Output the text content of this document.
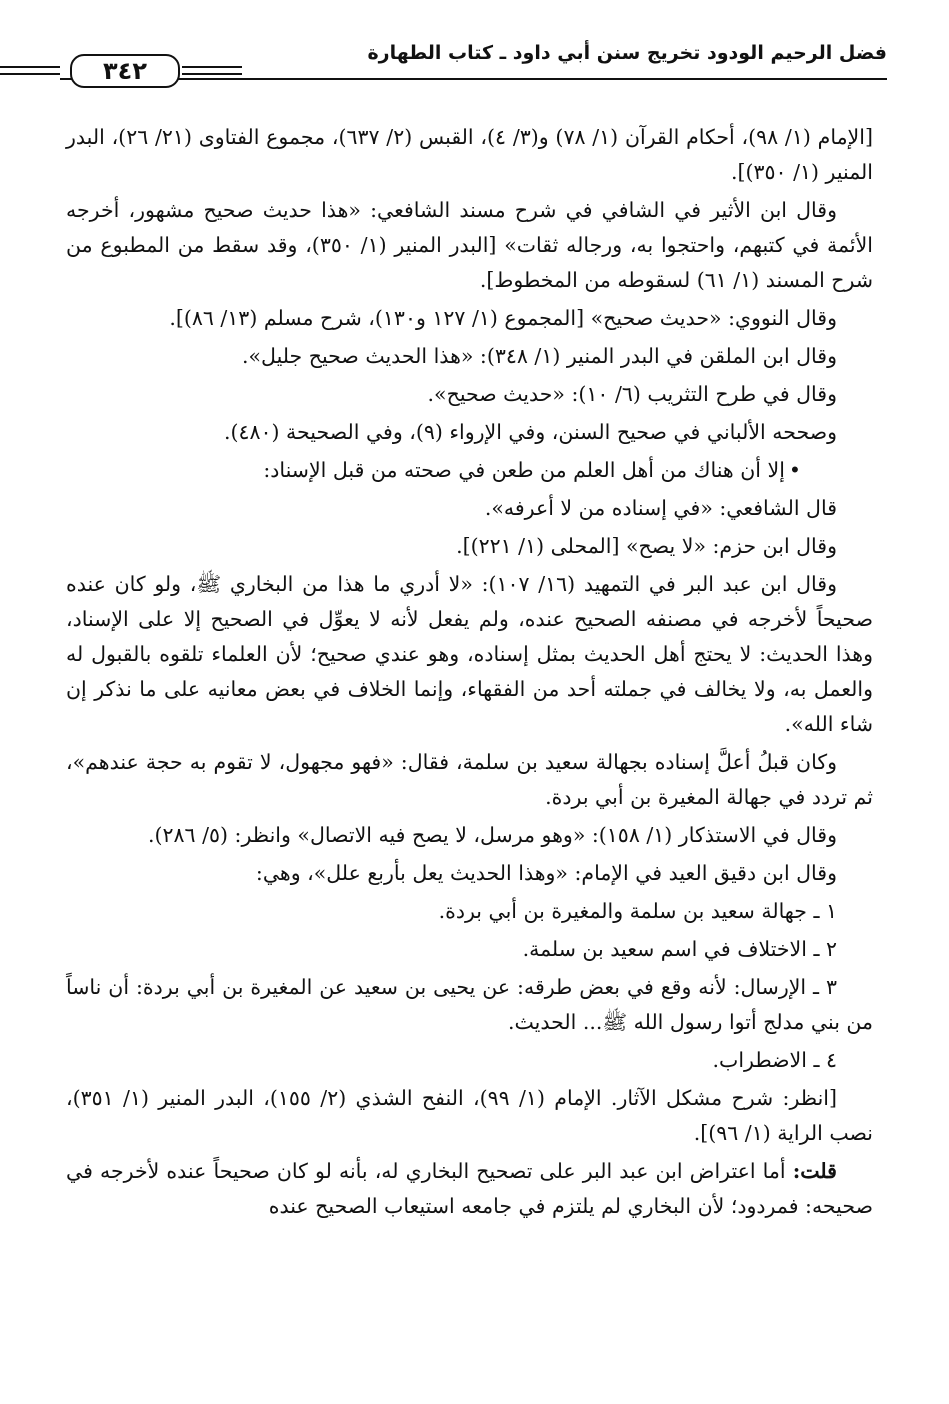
فضل الرحيم الودود تخريج سنن أبي داود ـ كتاب الطهارة
٣٤٢

[الإمام (١/ ٩٨)، أحكام القرآن (١/ ٧٨) و(٣/ ٤)، القبس (٢/ ٦٣٧)، مجموع الفتاوى (٢١/ ٢٦)، البدر المنير (١/ ٣٥٠)].

وقال ابن الأثير في الشافي في شرح مسند الشافعي: «هذا حديث صحيح مشهور، أخرجه الأئمة في كتبهم، واحتجوا به، ورجاله ثقات» [البدر المنير (١/ ٣٥٠)، وقد سقط من المطبوع من شرح المسند (١/ ٦١) لسقوطه من المخطوط].

وقال النووي: «حديث صحيح» [المجموع (١/ ١٢٧ و١٣٠)، شرح مسلم (١٣/ ٨٦)].

وقال ابن الملقن في البدر المنير (١/ ٣٤٨): «هذا الحديث صحيح جليل».

وقال في طرح التثريب (٦/ ١٠): «حديث صحيح».

وصححه الألباني في صحيح السنن، وفي الإرواء (٩)، وفي الصحيحة (٤٨٠).

•إلا أن هناك من أهل العلم من طعن في صحته من قبل الإسناد:

قال الشافعي: «في إسناده من لا أعرفه».

وقال ابن حزم: «لا يصح» [المحلى (١/ ٢٢١)].

وقال ابن عبد البر في التمهيد (١٦/ ١٠٧): «لا أدري ما هذا من البخاري ﷺ، ولو كان عنده صحيحاً لأخرجه في مصنفه الصحيح عنده، ولم يفعل لأنه لا يعوِّل في الصحيح إلا على الإسناد، وهذا الحديث: لا يحتج أهل الحديث بمثل إسناده، وهو عندي صحيح؛ لأن العلماء تلقوه بالقبول له والعمل به، ولا يخالف في جملته أحد من الفقهاء، وإنما الخلاف في بعض معانيه على ما نذكر إن شاء الله».

وكان قبلُ أعلَّ إسناده بجهالة سعيد بن سلمة، فقال: «فهو مجهول، لا تقوم به حجة عندهم»، ثم تردد في جهالة المغيرة بن أبي بردة.

وقال في الاستذكار (١/ ١٥٨): «وهو مرسل، لا يصح فيه الاتصال» وانظر: (٥/ ٢٨٦).

وقال ابن دقيق العيد في الإمام: «وهذا الحديث يعل بأربع علل»، وهي:

١ ـ جهالة سعيد بن سلمة والمغيرة بن أبي بردة.

٢ ـ الاختلاف في اسم سعيد بن سلمة.

٣ ـ الإرسال: لأنه وقع في بعض طرقه: عن يحيى بن سعيد عن المغيرة بن أبي بردة: أن ناساً من بني مدلج أتوا رسول الله ﷺ... الحديث.

٤ ـ الاضطراب.

[انظر: شرح مشكل الآثار. الإمام (١/ ٩٩)، النفح الشذي (٢/ ١٥٥)، البدر المنير (١/ ٣٥١)، نصب الراية (١/ ٩٦)].

قلت: أما اعتراض ابن عبد البر على تصحيح البخاري له، بأنه لو كان صحيحاً عنده لأخرجه في صحيحه: فمردود؛ لأن البخاري لم يلتزم في جامعه استيعاب الصحيح عنده
